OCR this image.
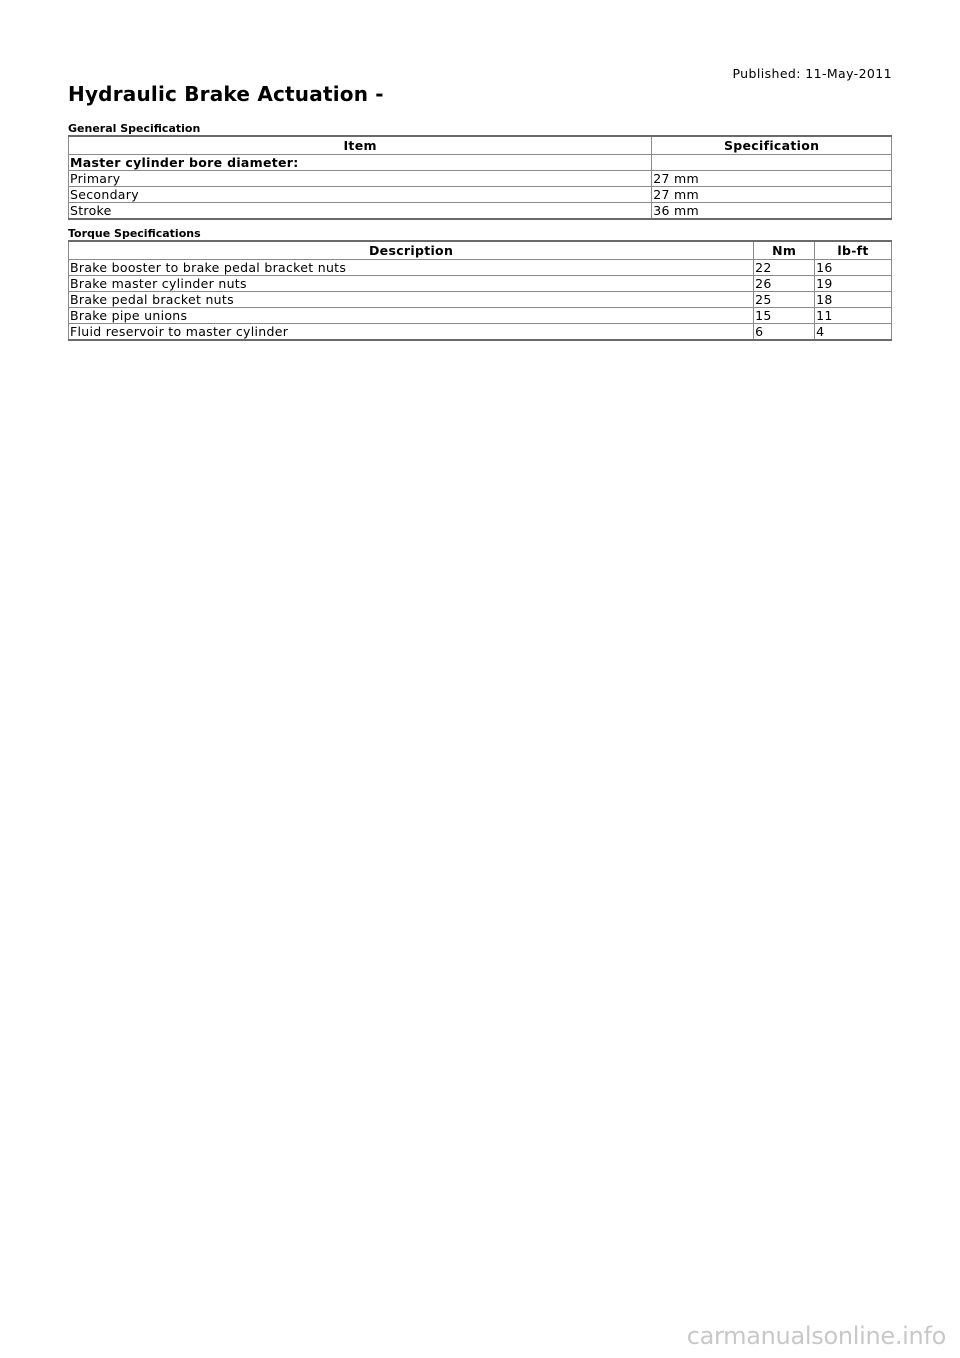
Published: 11-May-2011
Hydraulic Brake Actuation -
General Specification
Item	Specification
Master cylinder bore diameter:	
Primary	27 mm
Secondary	27 mm
Stroke	36 mm
Torque Specifications
Description	Nm	lb-ft
Brake booster to brake pedal bracket nuts	22	16
Brake master cylinder nuts	26	19
Brake pedal bracket nuts	25	18
Brake pipe unions	15	11
Fluid reservoir to master cylinder	6	4
carmanualsonline.info
